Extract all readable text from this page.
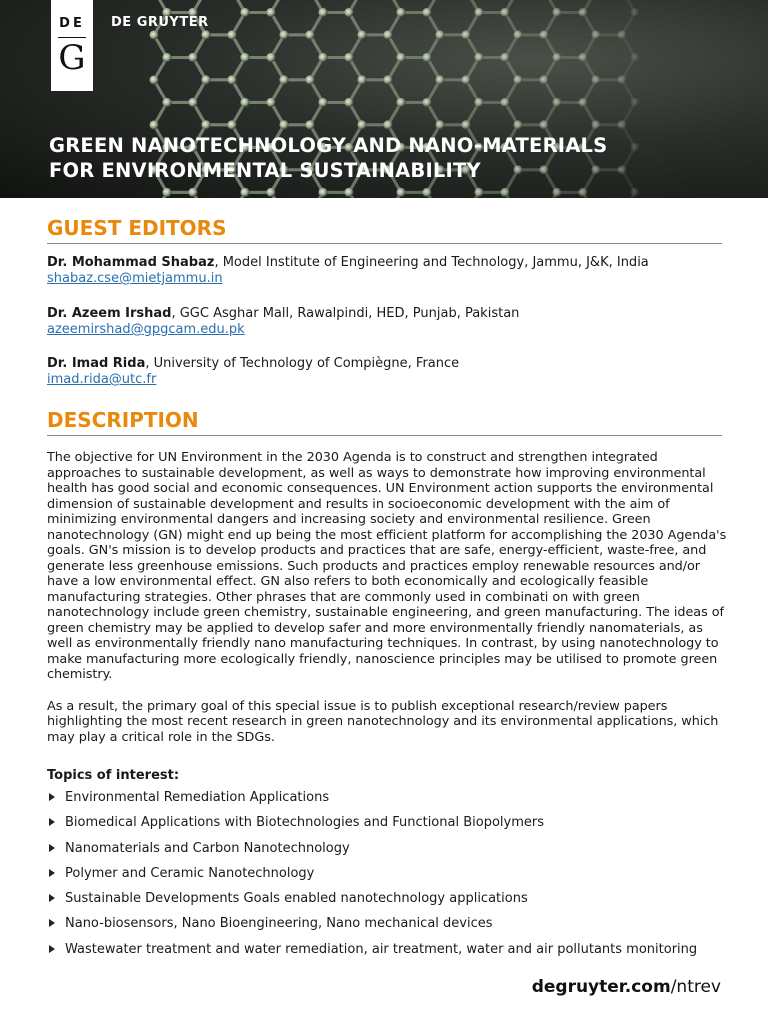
DE
G
DE GRUYTER
GREEN NANOTECHNOLOGY AND NANO-MATERIALS
FOR ENVIRONMENTAL SUSTAINABILITY
GUEST EDITORS
Dr. Mohammad Shabaz, Model Institute of Engineering and Technology, Jammu, J&K, India
shabaz.cse@mietjammu.in
Dr. Azeem Irshad, GGC Asghar Mall, Rawalpindi, HED, Punjab, Pakistan
azeemirshad@gpgcam.edu.pk
Dr. Imad Rida, University of Technology of Compiègne, France
imad.rida@utc.fr
DESCRIPTION

The objective for UN Environment in the 2030 Agenda is to construct and strengthen integrated approaches to sustainable development, as well as ways to demonstrate how improving environmental health has good social and economic consequences. UN Environment action supports the environmental dimension of sustainable development and results in socioeconomic development with the aim of minimizing environmental dangers and increasing society and environmental resilience. Green nanotechnology (GN) might end up being the most efficient platform for accomplishing the 2030 Agenda's goals. GN's mission is to develop products and practices that are safe, energy-efficient, waste-free, and generate less greenhouse emissions. Such products and practices employ renewable resources and/or have a low environmental effect. GN also refers to both economically and ecologically feasible manufacturing strategies. Other phrases that are commonly used in combinati on with green nanotechnology include green chemistry, sustainable engineering, and green manufacturing. The ideas of green chemistry may be applied to develop safer and more environmentally friendly nanomaterials, as well as environmentally friendly nano manufacturing techniques. In contrast, by using nanotechnology to make manufacturing more ecologically friendly, nanoscience principles may be utilised to promote green chemistry.

As a result, the primary goal of this special issue is to publish exceptional research/review papers highlighting the most recent research in green nanotechnology and its environmental applications, which may play a critical role in the SDGs.

Topics of interest:
Environmental Remediation Applications
Biomedical Applications with Biotechnologies and Functional Biopolymers
Nanomaterials and Carbon Nanotechnology
Polymer and Ceramic Nanotechnology
Sustainable Developments Goals enabled nanotechnology applications
Nano-biosensors, Nano Bioengineering, Nano mechanical devices
Wastewater treatment and water remediation, air treatment, water and air pollutants monitoring
degruyter.com/ntrev
